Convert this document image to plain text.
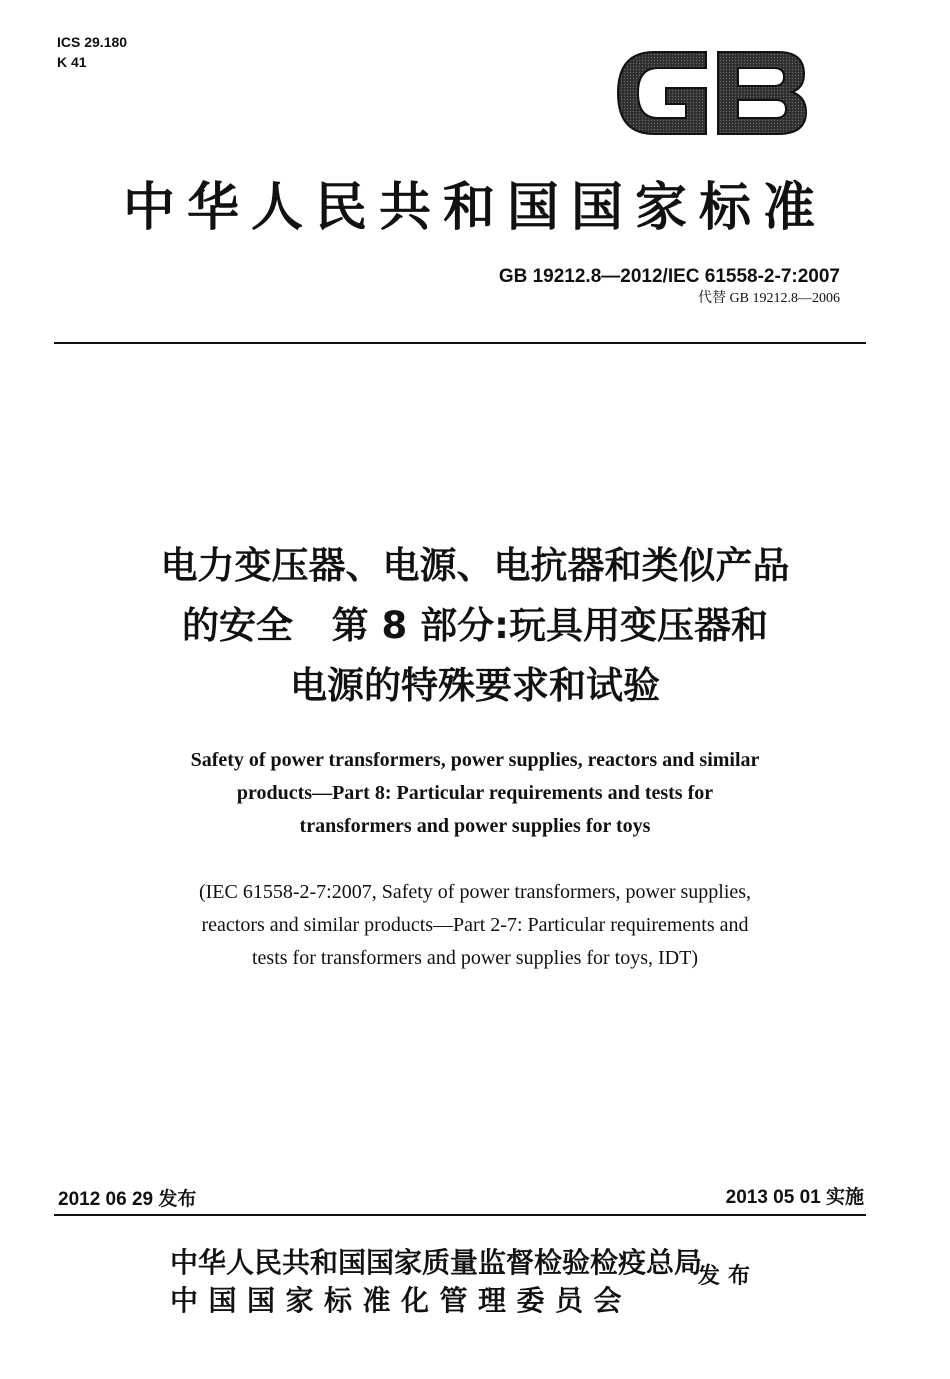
ICS 29.180
K 41
中华人民共和国国家标准
GB 19212.8—2012/IEC 61558-2-7:2007
代替 GB 19212.8—2006
电力变压器、电源、电抗器和类似产品
的安全   第 8 部分:玩具用变压器和
电源的特殊要求和试验
Safety of power transformers, power supplies, reactors and similar
products—Part 8: Particular requirements and tests for
transformers and power supplies for toys
(IEC 61558-2-7:2007, Safety of power transformers, power supplies,
reactors and similar products—Part 2-7: Particular requirements and
tests for transformers and power supplies for toys, IDT)
2012 06 29 发布	2013 05 01 实施
中华人民共和国国家质量监督检验检疫总局
中国国家标准化管理委员会
发布
